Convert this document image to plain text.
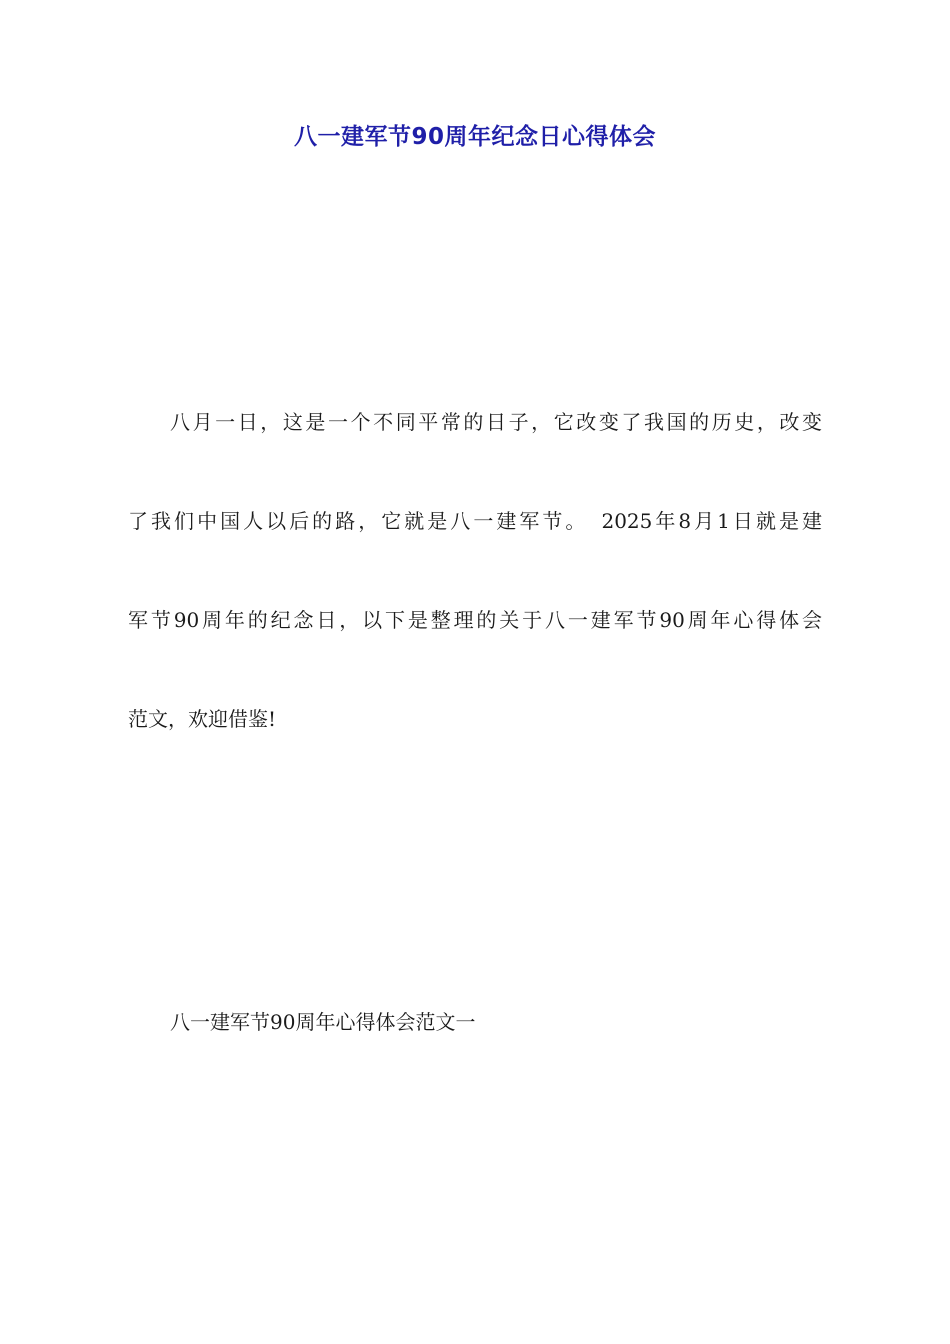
八一建军节90周年纪念日心得体会
八月一日，这是一个不同平常的日子，它改变了我国的历史，改变
了我们中国人以后的路，它就是八一建军节。　2025年8月1日就是建
军节90周年的纪念日，以下是整理的关于八一建军节90周年心得体会
范文，欢迎借鉴!
八一建军节90周年心得体会范文一
